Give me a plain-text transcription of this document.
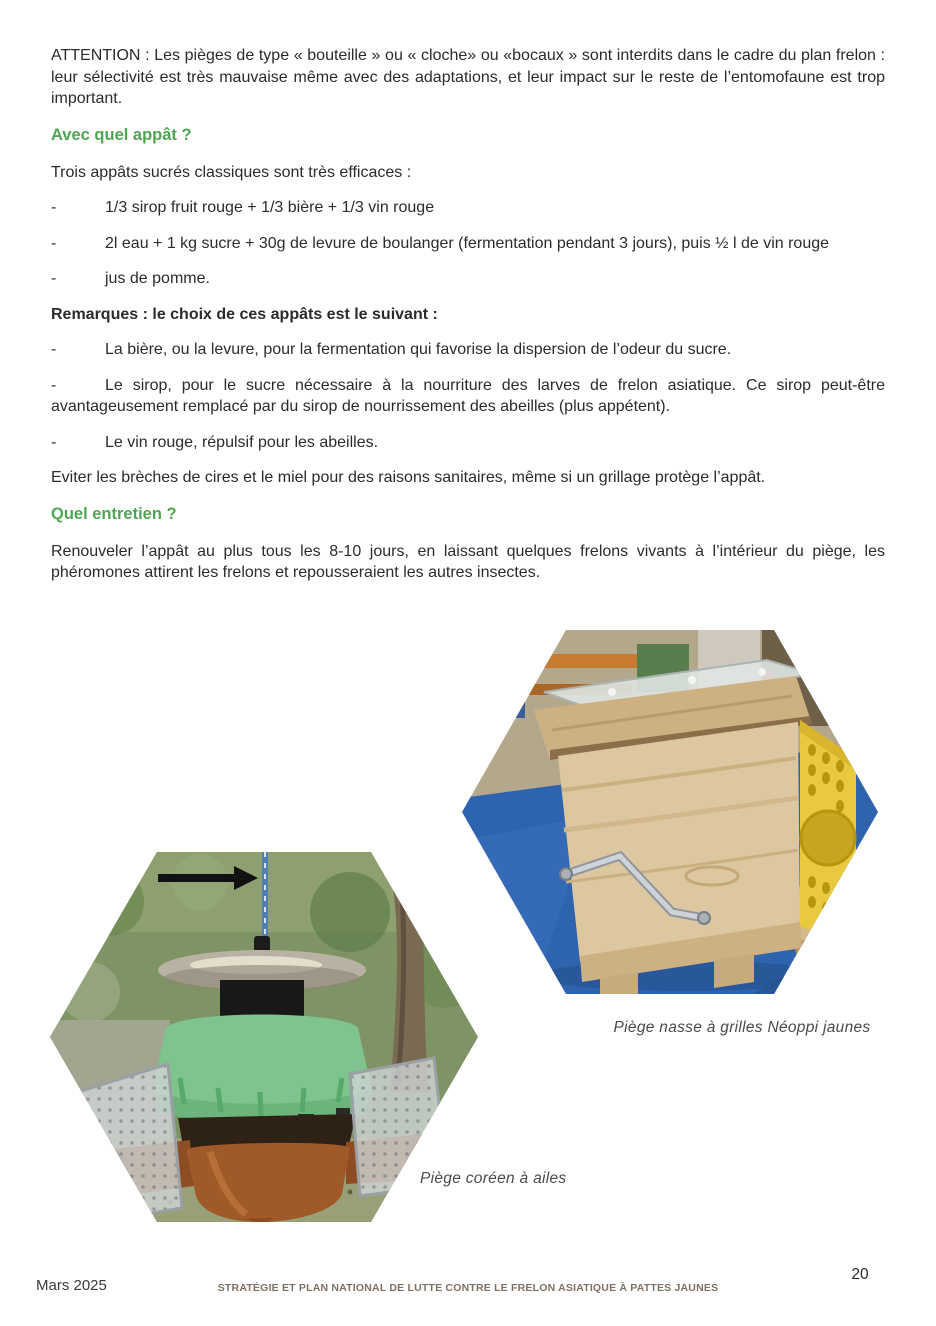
ATTENTION : Les pièges de type « bouteille » ou « cloche» ou «bocaux » sont interdits dans le cadre du plan frelon : leur sélectivité est très mauvaise même avec des adaptations, et leur impact sur le reste de l’entomofaune est trop important.

Avec quel appât ?

Trois appâts sucrés classiques sont très efficaces :

-	1/3 sirop fruit rouge + 1/3 bière + 1/3 vin rouge

-	2l eau + 1 kg sucre + 30g de levure de boulanger (fermentation pendant 3 jours), puis ½ l de vin rouge

-	jus de pomme.

Remarques : le choix de ces appâts est le suivant :

-	La bière, ou la levure, pour la fermentation qui favorise la dispersion de l’odeur du sucre.

-	Le sirop, pour le sucre nécessaire à la nourriture des larves de frelon asiatique. Ce sirop peut-être avantageusement remplacé par du sirop de nourrissement des abeilles (plus appétent).

-	Le vin rouge, répulsif pour les abeilles.

Eviter les brèches de cires et le miel pour des raisons sanitaires, même si un grillage protège l’appât.

Quel entretien ?

Renouveler l’appât au plus tous les 8-10 jours, en laissant quelques frelons vivants à l’intérieur du piège, les phéromones attirent les frelons et repousseraient les autres insectes.

Piège nasse à grilles Néoppi jaunes
Piège coréen à ailes
Mars 2025	STRATÉGIE ET PLAN NATIONAL DE LUTTE CONTRE LE FRELON ASIATIQUE À PATTES JAUNES
20
